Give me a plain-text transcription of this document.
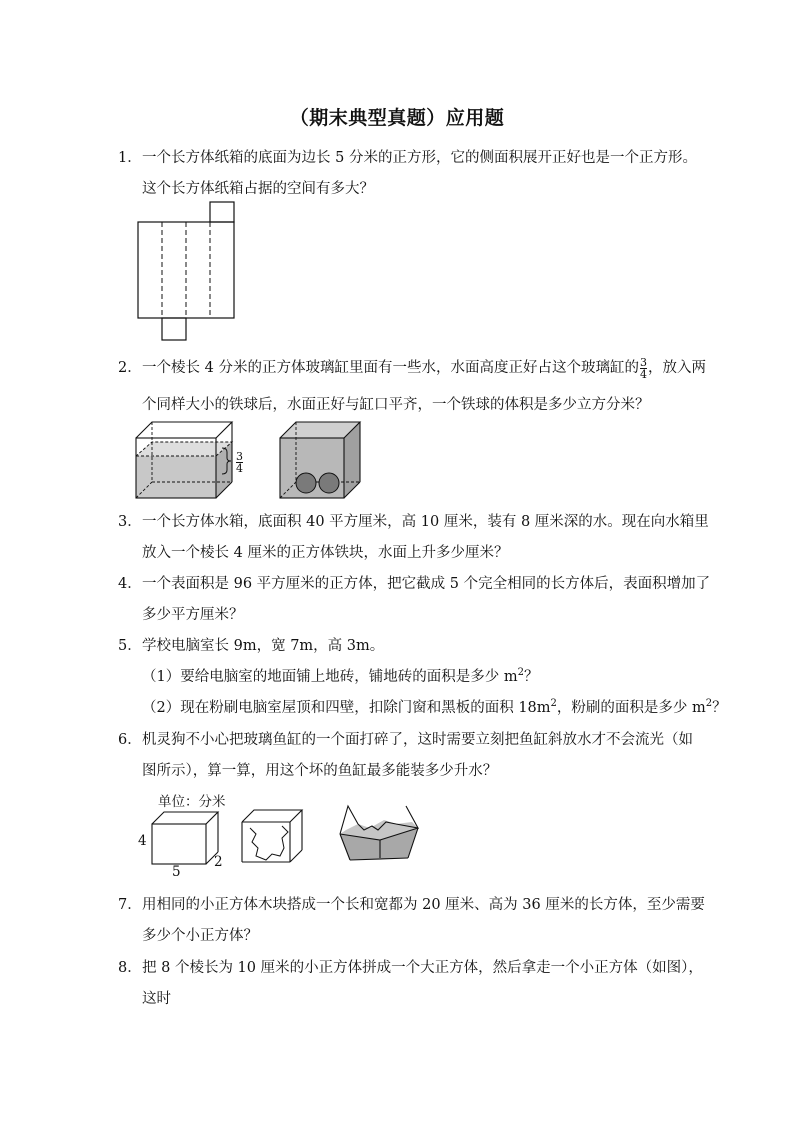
（期末典型真题）应用题
1．一个长方体纸箱的底面为边长 5 分米的正方形，它的侧面积展开正好也是一个正方形。
这个长方体纸箱占据的空间有多大？
2．一个棱长 4 分米的正方体玻璃缸里面有一些水，水面高度正好占这个玻璃缸的 $\frac{3}{4}$ ，放入两
个同样大小的铁球后，水面正好与缸口平齐，一个铁球的体积是多少立方分米？
$\frac{3}{4}$
3．一个长方体水箱，底面积 40 平方厘米，高 10 厘米，装有 8 厘米深的水。现在向水箱里
放入一个棱长 4 厘米的正方体铁块，水面上升多少厘米？
4．一个表面积是 96 平方厘米的正方体，把它截成 5 个完全相同的长方体后，表面积增加了
多少平方厘米？
5．学校电脑室长 9m，宽 7m，高 3m。
（1）要给电脑室的地面铺上地砖，铺地砖的面积是多少 $m^2$？
（2）现在粉刷电脑室屋顶和四壁，扣除门窗和黑板的面积 $18m^2$，粉刷的面积是多少 $m^2$？
6．机灵狗不小心把玻璃鱼缸的一个面打碎了，这时需要立刻把鱼缸斜放水才不会流光（如
图所示），算一算，用这个坏的鱼缸最多能装多少升水？
单位：分米
4
5
2
7．用相同的小正方体木块搭成一个长和宽都为 20 厘米、高为 36 厘米的长方体，至少需要
多少个小正方体？
8．把 8 个棱长为 10 厘米的小正方体拼成一个大正方体，然后拿走一个小正方体（如图），
这时
